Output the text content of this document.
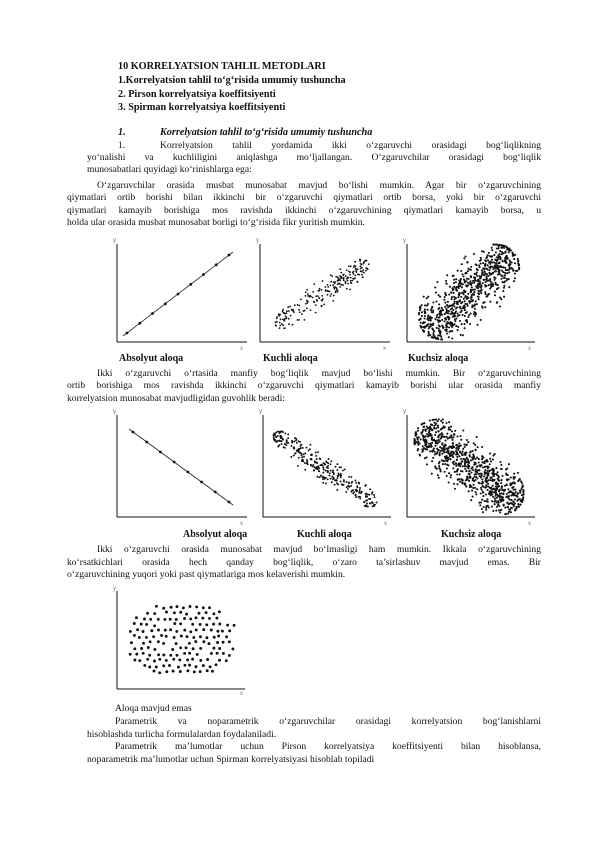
10 KORRELYATSION TAHLIL METODLARI
1.Korrelyatsion tahlil to‘g‘risida umumiy tushuncha
2. Pirson korrelyatsiya koeffitsiyenti
3. Spirman korrelyatsiya koeffitsiyenti
1.	Korrelyatsion tahlil to‘g‘risida umumiy tushuncha
1.	Korrelyatsion tahlil yordamida ikki o‘zgaruvchi orasidagi bog‘liqlikning
yo‘nalishi va kuchliligini aniqlashga mo‘ljallangan. O‘zgaruvchilar orasidagi bog‘liqlik
munosabatlari quyidagi ko‘rinishlarga ega:
O‘zgaruvchilar orasida musbat munosabat mavjud bo‘lishi mumkin. Agar bir o‘zgaruvchining
qiymatlari ortib borishi bilan ikkinchi bir o‘zgaruvchi qiymatlari ortib borsa, yoki bir o‘zgaruvchi
qiymatlari kamayib borishiga mos ravishda ikkinchi o‘zgaruvchining qiymatlari kamayib borsa, u
holda ular orasida musbat munosabat borligi to‘g‘risida fikr yuritish mumkin.
y
x
y
x
y
x
Absolyut aloqa	Kuchli aloqa	Kuchsiz aloqa
Ikki o‘zgaruvchi o‘rtasida manfiy bog‘liqlik mavjud bo‘lishi mumkin. Bir o‘zgaruvchining
ortib borishiga mos ravishda ikkinchi o‘zgaruvchi qiymatlari kamayib borishi ular orasida manfiy
korrelyatsion munosabat mavjudligidan guvohlik beradi:
y
x
y
x
y
x
Absolyut aloqa	Kuchli aloqa	Kuchsiz aloqa
Ikki o‘zgaruvchi orasida munosabat mavjud bo‘lmasligi ham mumkin. Ikkala o‘zgaruvchining
ko‘rsatkichlari orasida hech qanday bog‘liqlik, o‘zaro ta’sirlashuv mavjud emas. Bir
o‘zgaruvchining yuqori yoki past qiymatlariga mos kelaverishi mumkin.
y
x
Aloqa mavjud emas
Parametrik va noparametrik o‘zgaruvchilar orasidagi korrelyatsion bog‘lanishlarni
hisoblashda turlicha formulalardan foydalaniladi.
Parametrik ma’lumotlar uchun Pirson korrelyatsiya koeffitsiyenti bilan hisoblansa,
noparametrik ma’lumotlar uchun Spirman korrelyatsiyasi hisoblab topiladi
